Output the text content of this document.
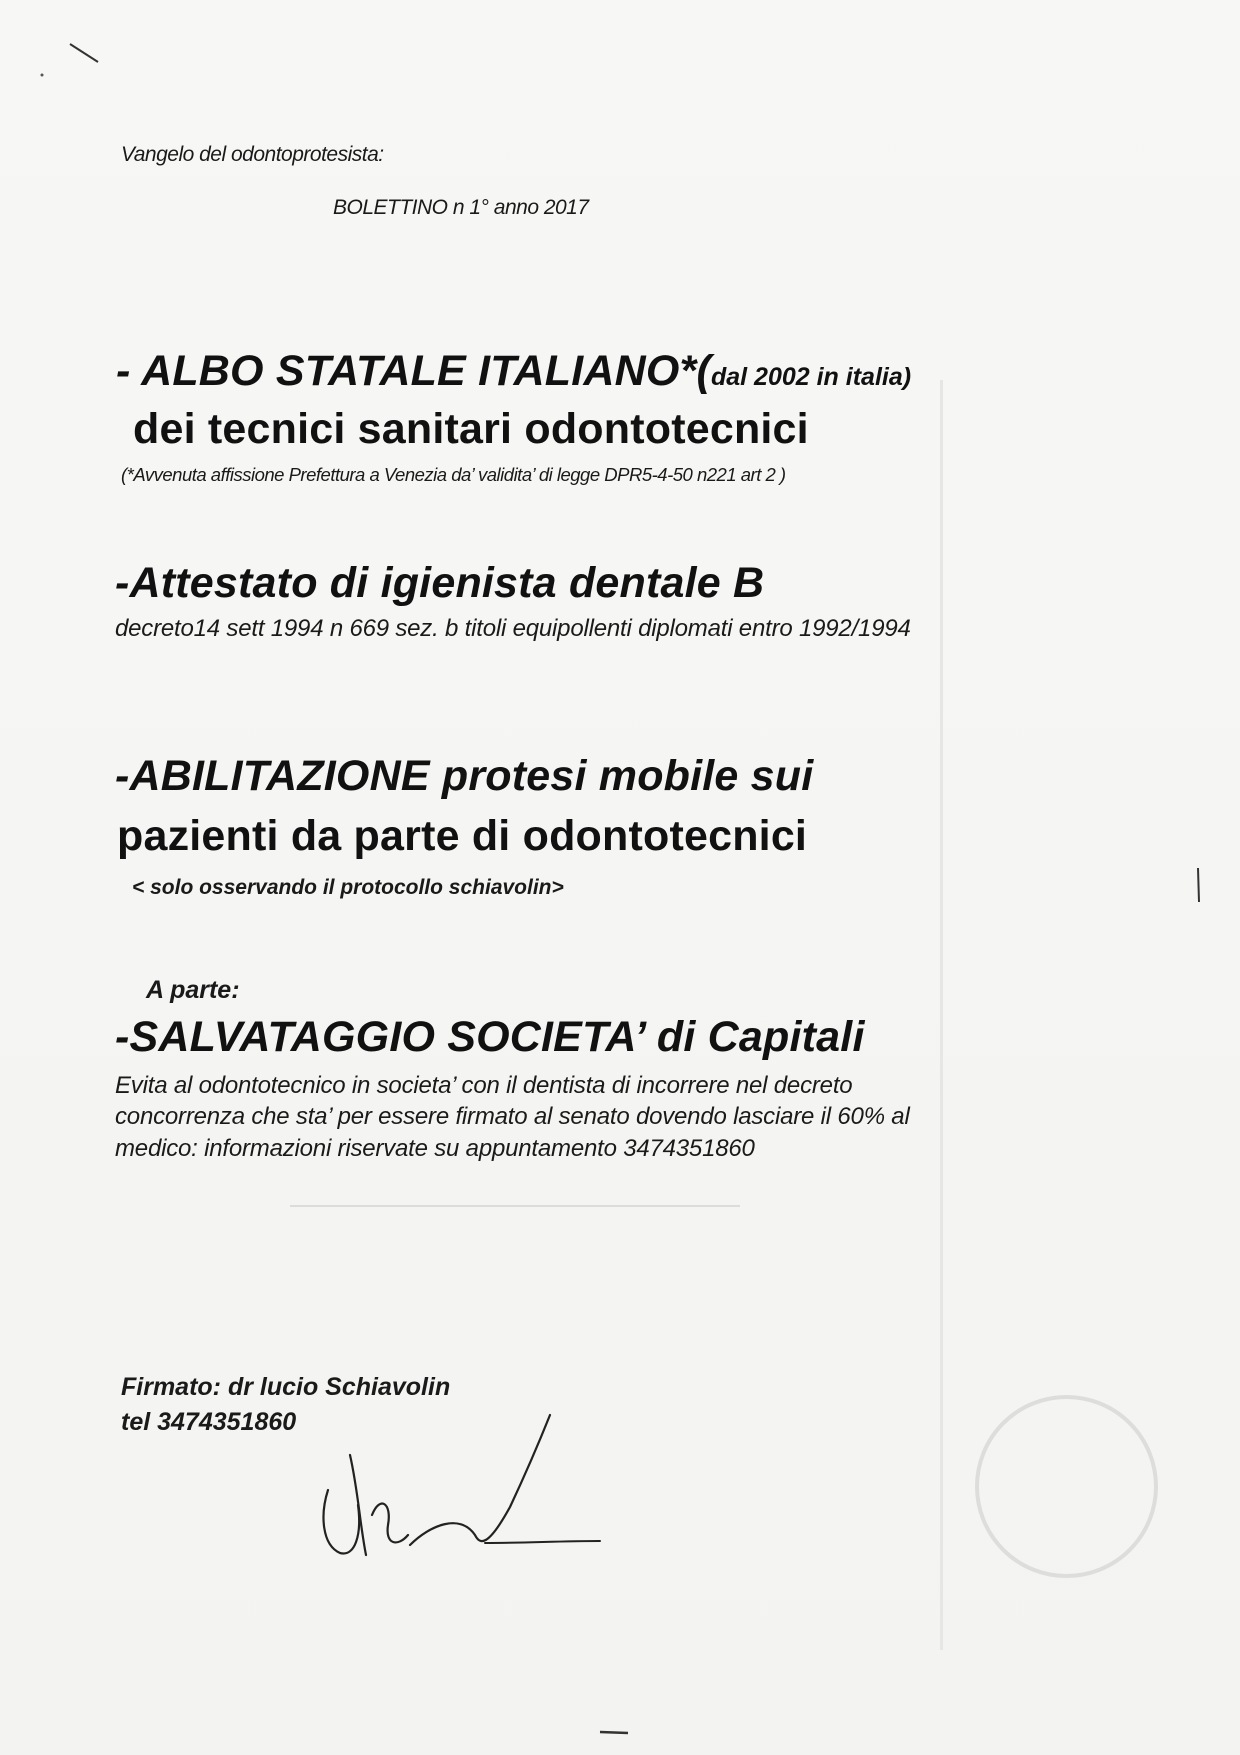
Vangelo del odontoprotesista:

BOLETTINO n 1° anno 2017

- ALBO STATALE ITALIANO*(dal 2002 in italia)

dei tecnici sanitari odontotecnici

(*Avvenuta affissione Prefettura a Venezia da’ validita’ di legge DPR5-4-50 n221 art 2 )

-Attestato di igienista dentale B

decreto14 sett 1994 n 669 sez. b titoli equipollenti diplomati entro 1992/1994

-ABILITAZIONE protesi mobile sui

pazienti da parte di odontotecnici

< solo osservando il protocollo schiavolin>

A parte:

-SALVATAGGIO SOCIETA’ di Capitali

Evita al odontotecnico in societa’ con il dentista di incorrere nel decreto

concorrenza che sta’ per essere firmato al senato dovendo lasciare il 60% al

medico: informazioni riservate su appuntamento 3474351860

Firmato: dr lucio Schiavolin

tel 3474351860
